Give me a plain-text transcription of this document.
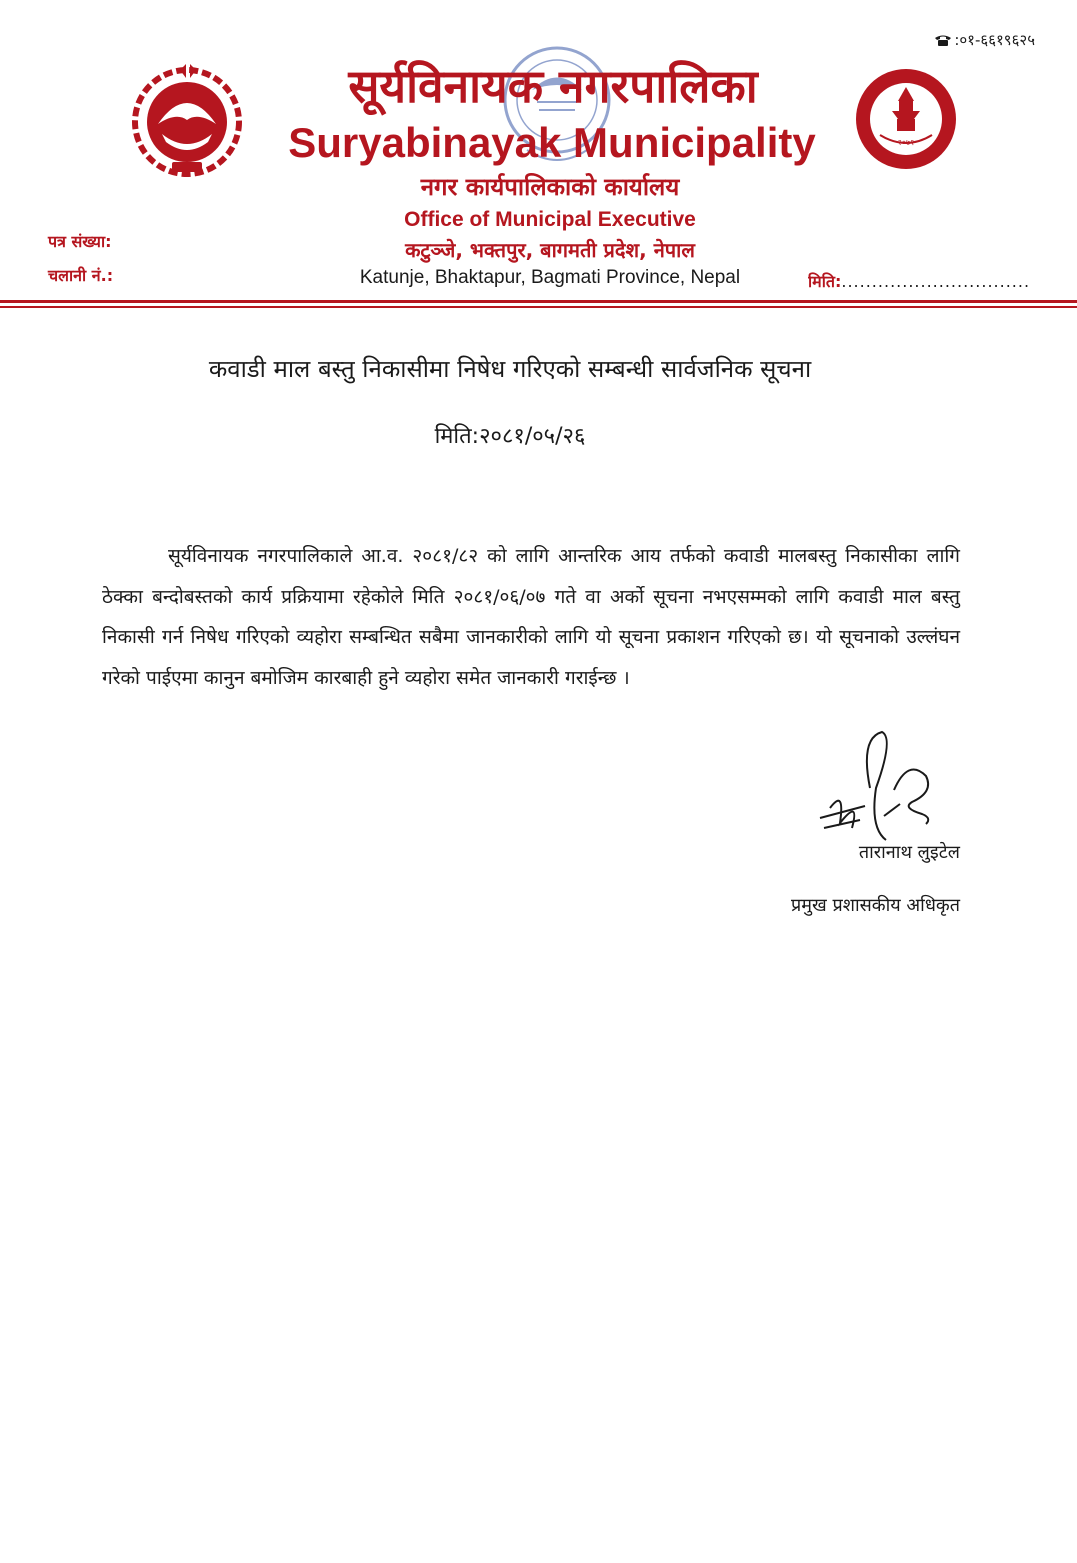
:०१-६६१९६२५
२०७१
सूर्यविनायक नगरपालिका
Suryabinayak Municipality
नगर कार्यपालिकाको कार्यालय
Office of Municipal Executive
कटुञ्जे, भक्तपुर, बागमती प्रदेश, नेपाल
Katunje, Bhaktapur, Bagmati Province, Nepal
पत्र संख्या:
चलानी नं.:	मिति:...............................
कवाडी माल बस्तु निकासीमा निषेध गरिएको सम्बन्धी सार्वजनिक सूचना
मिति:२०८१/०५/२६
सूर्यविनायक नगरपालिकाले आ.व. २०८१/८२ को लागि आन्तरिक आय तर्फको कवाडी मालबस्तु निकासीका लागि ठेक्का बन्दोबस्तको कार्य प्रक्रियामा रहेकोले मिति २०८१/०६/०७ गते वा अर्को सूचना नभएसम्मको लागि कवाडी माल बस्तु निकासी गर्न निषेध गरिएको व्यहोरा सम्बन्धित सबैमा जानकारीको लागि यो सूचना प्रकाशन गरिएको छ। यो सूचनाको उल्लंघन गरेको पाईएमा कानुन बमोजिम कारबाही हुने व्यहोरा समेत जानकारी गराईन्छ ।
तारानाथ लुइटेल
प्रमुख प्रशासकीय अधिकृत
